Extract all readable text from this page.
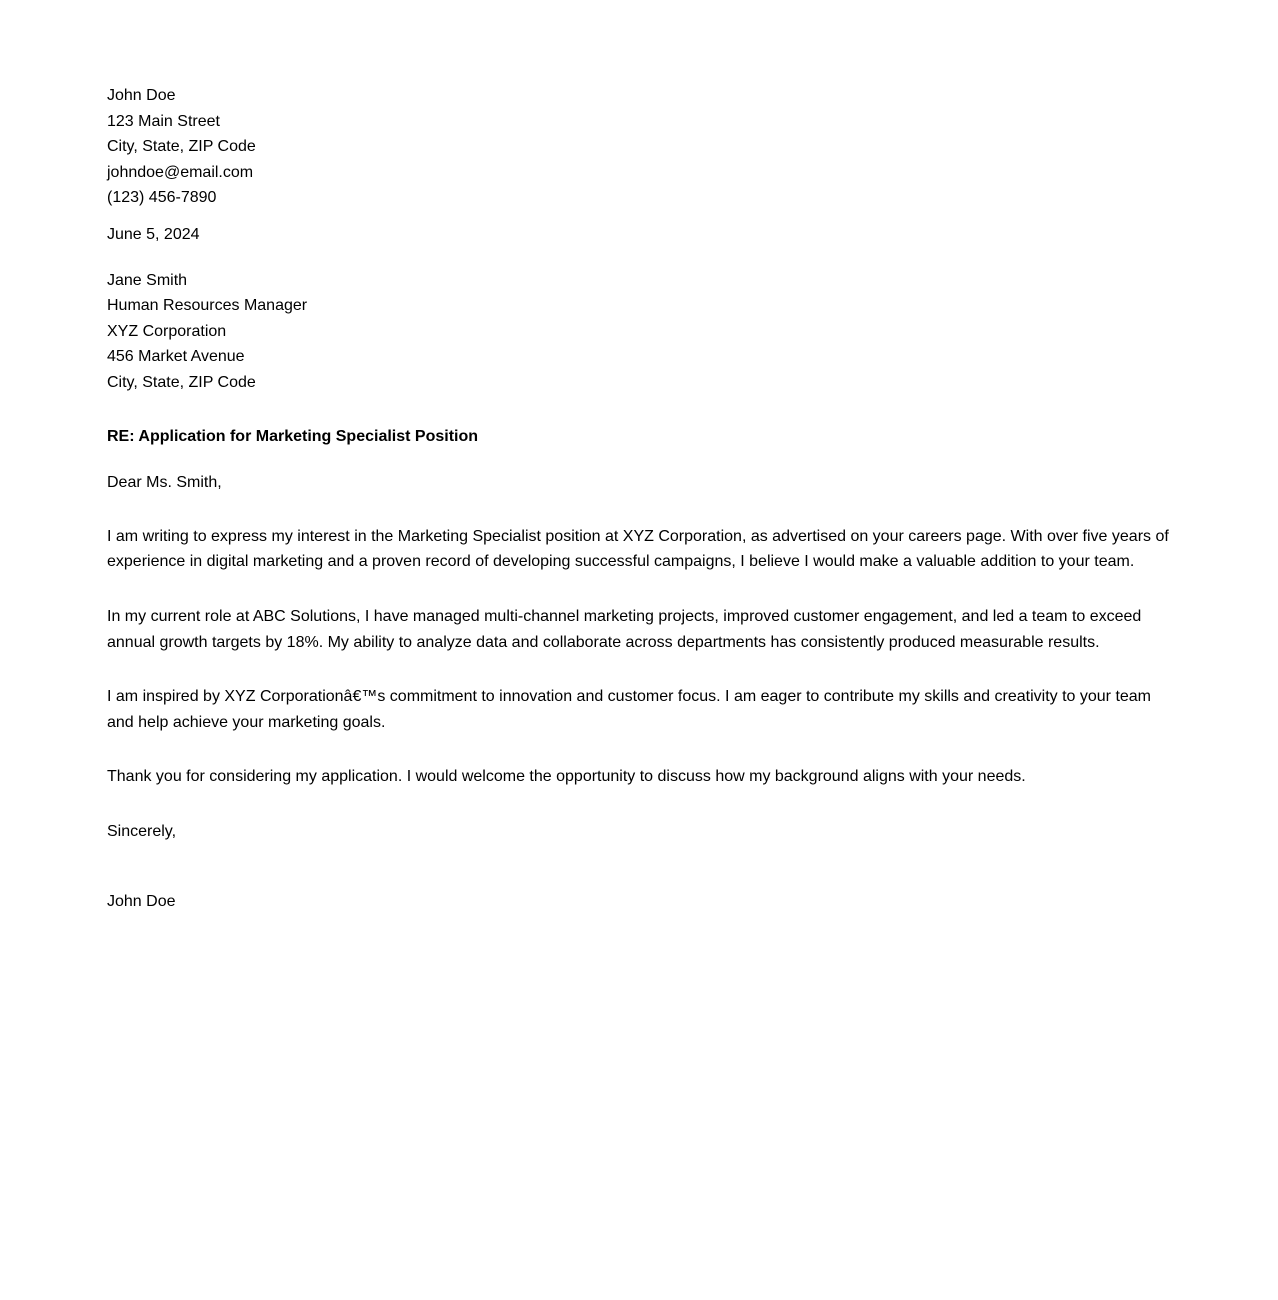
John Doe
123 Main Street
City, State, ZIP Code
johndoe@email.com
(123) 456-7890
June 5, 2024
Jane Smith
Human Resources Manager
XYZ Corporation
456 Market Avenue
City, State, ZIP Code
RE: Application for Marketing Specialist Position
Dear Ms. Smith,
I am writing to express my interest in the Marketing Specialist position at XYZ Corporation, as advertised on your careers page. With over five years of experience in digital marketing and a proven record of developing successful campaigns, I believe I would make a valuable addition to your team.
In my current role at ABC Solutions, I have managed multi-channel marketing projects, improved customer engagement, and led a team to exceed annual growth targets by 18%. My ability to analyze data and collaborate across departments has consistently produced measurable results.
I am inspired by XYZ Corporationâ€™s commitment to innovation and customer focus. I am eager to contribute my skills and creativity to your team and help achieve your marketing goals.
Thank you for considering my application. I would welcome the opportunity to discuss how my background aligns with your needs.
Sincerely,
John Doe
